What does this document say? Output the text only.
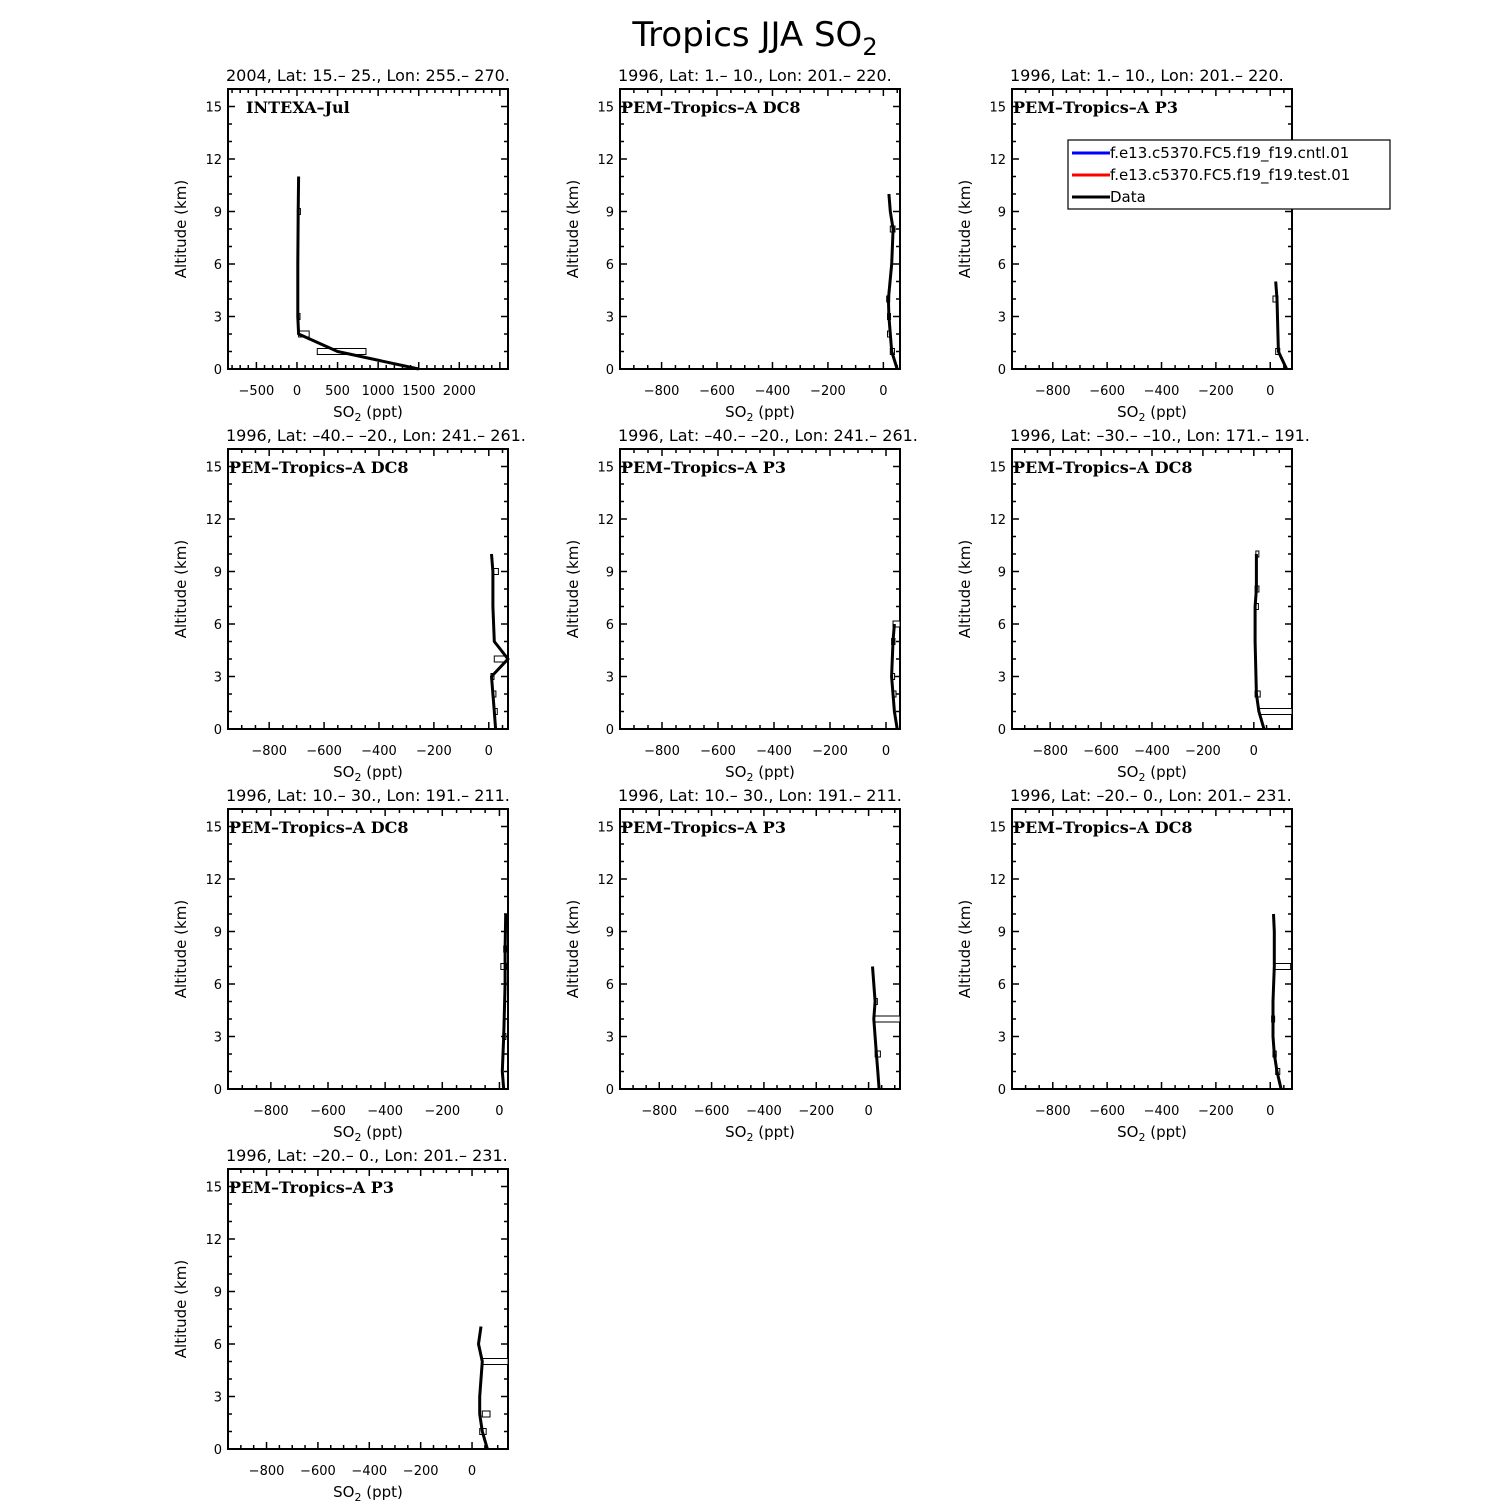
Tropics JJA $SO_2$
2004, Lat: 15.– 25., Lon: 255.– 270.
INTEXA–Jul
0
3
6
9
12
15
−500 0 500 1000 1500 2000
$SO_2$ (ppt)
Altitude (km)
1996, Lat: 1.– 10., Lon: 201.– 220.
PEM–Tropics–A DC8
0
3
6
9
12
15
−800 −600 −400 −200	0
$SO_2$ (ppt)
Altitude (km)
1996, Lat: 1.– 10., Lon: 201.– 220.
PEM–Tropics–A P3
0
3
6
9
12
15
−800 −600 −400 −200 0
$SO_2$ (ppt)
Altitude (km)
1996, Lat: –40.– –20., Lon: 241.– 261.
PEM–Tropics–A DC8
0
3
6
9
12
15
−800 −600 −400 −200	0
$SO_2$ (ppt)
Altitude (km)
1996, Lat: –40.– –20., Lon: 241.– 261.
PEM–Tropics–A P3
0
3
6
9
12
15
−800 −600 −400 −200	0
$SO_2$ (ppt)
Altitude (km)
1996, Lat: –30.– –10., Lon: 171.– 191.
PEM–Tropics–A DC8
0
3
6
9
12
15
−800 −600 −400 −200 0
$SO_2$ (ppt)
Altitude (km)
1996, Lat: 10.– 30., Lon: 191.– 211.
PEM–Tropics–A DC8
0
3
6
9
12
15
−800 −600 −400 −200	0
$SO_2$ (ppt)
Altitude (km)
1996, Lat: 10.– 30., Lon: 191.– 211.
PEM–Tropics–A P3
0
3
6
9
12
15
−800 −600 −400 −200 0
$SO_2$ (ppt)
Altitude (km)
1996, Lat: –20.– 0., Lon: 201.– 231.
PEM–Tropics–A DC8
0
3
6
9
12
15
−800 −600 −400 −200 0
$SO_2$ (ppt)
Altitude (km)
1996, Lat: –20.– 0., Lon: 201.– 231.
PEM–Tropics–A P3
0
3
6
9
12
15
−800 −600 −400 −200 0
$SO_2$ (ppt)
Altitude (km)
f.e13.c5370.FC5.f19_f19.cntl.01
f.e13.c5370.FC5.f19_f19.test.01
Data
